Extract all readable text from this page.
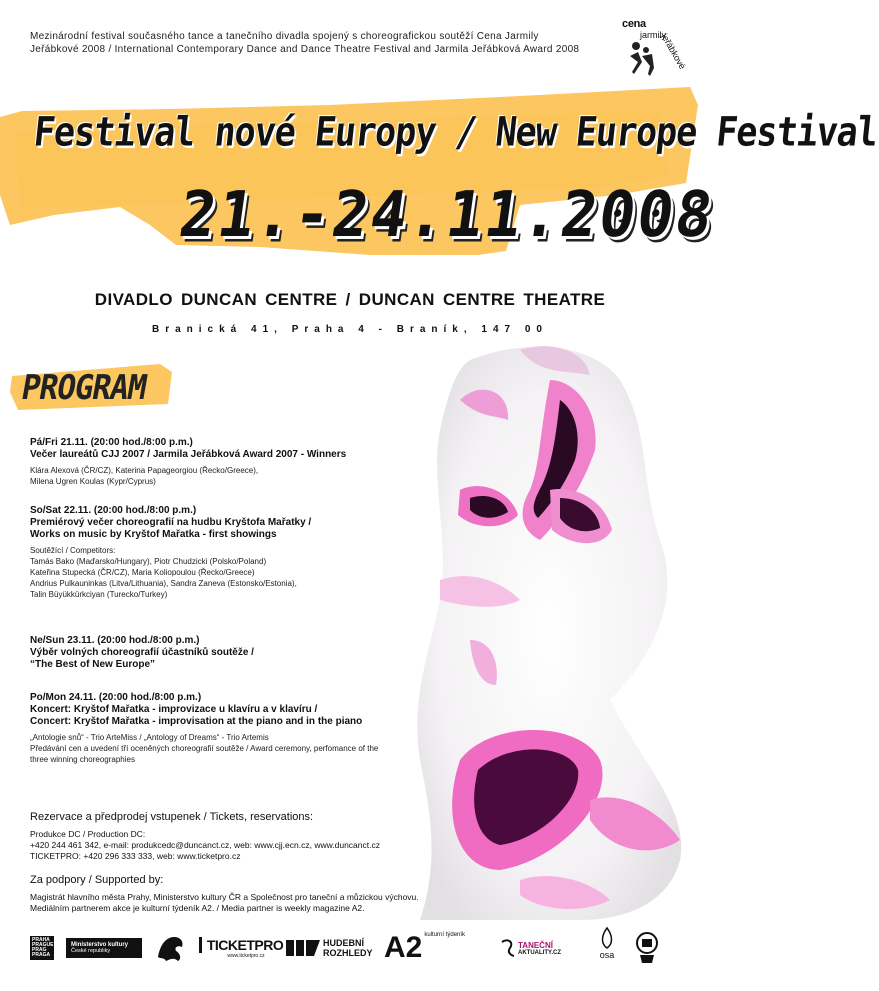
Mezinárodní festival současného tance a tanečního divadla spojený s choreografickou soutěží Cena Jarmily Jeřábkové 2008 / International Contemporary Dance and Dance Theatre Festival and Jarmila Jeřábková Award 2008
cena
jarmily
jeřábkové
Festival nové Europy / New Europe Festival
21.-24.11.2008
DIVADLO DUNCAN CENTRE / DUNCAN CENTRE THEATRE
Branická 41, Praha 4 - Braník, 147 00
PROGRAM
Pá/Fri 21.11. (20:00 hod./8:00 p.m.)
Večer laureátů CJJ 2007 / Jarmila Jeřábková Award 2007 - Winners
Klára Alexová (ČR/CZ), Katerina Papageorgiou (Řecko/Greece),
Milena Ugren Koulas (Kypr/Cyprus)
So/Sat 22.11. (20:00 hod./8:00 p.m.)
Premiérový večer choreografií na hudbu Kryštofa Mařatky /
Works on music by Kryštof Mařatka - first showings
Soutěžící / Competitors:
Tamás Bako (Maďarsko/Hungary), Piotr Chudzicki (Polsko/Poland)
Kateřina Stupecká (ČR/CZ), Maria Koliopoulou (Řecko/Greece)
Andrius Pulkauninkas (Litva/Lithuania), Sandra Zaneva (Estonsko/Estonia),
Talin Büyükkürkciyan (Turecko/Turkey)
Ne/Sun 23.11. (20:00 hod./8:00 p.m.)
Výběr volných choreografií účastníků soutěže /
“The Best of New Europe”
Po/Mon 24.11. (20:00 hod./8:00 p.m.)
Koncert: Kryštof Mařatka - improvizace u klavíru a v klavíru /
Concert: Kryštof Mařatka - improvisation at the piano and in the piano
„Antologie snů“ - Trio ArteMiss / „Antology of Dreams“ - Trio Artemis
Předávání cen a uvedení tří oceněných choreografií soutěže / Award ceremony, perfomance of the
three winning choreographies
Rezervace a předprodej vstupenek / Tickets, reservations:
Produkce DC / Production DC:
+420 244 461 342, e-mail: produkcedc@duncanct.cz, web: www.cjj.ecn.cz, www.duncanct.cz
TICKETPRO: +420 296 333 333, web: www.ticketpro.cz
Za podpory / Supported by:
Magistrát hlavního města Prahy, Ministerstvo kultury ČR a Společnost pro taneční a můzickou výchovu.
Mediálním partnerem akce je kulturní týdeník A2. / Media partner is weekly magazine A2.
PRAHA
PRAGUE
PRAG
PRAGA
Ministerstvo kultury
České republiky	TICKETPRO
www.ticketpro.cz
HUDEBNÍ
ROZHLEDY A2 kulturní týdeník
TANEČNÍ
AKTUALITY.CZ	osa
